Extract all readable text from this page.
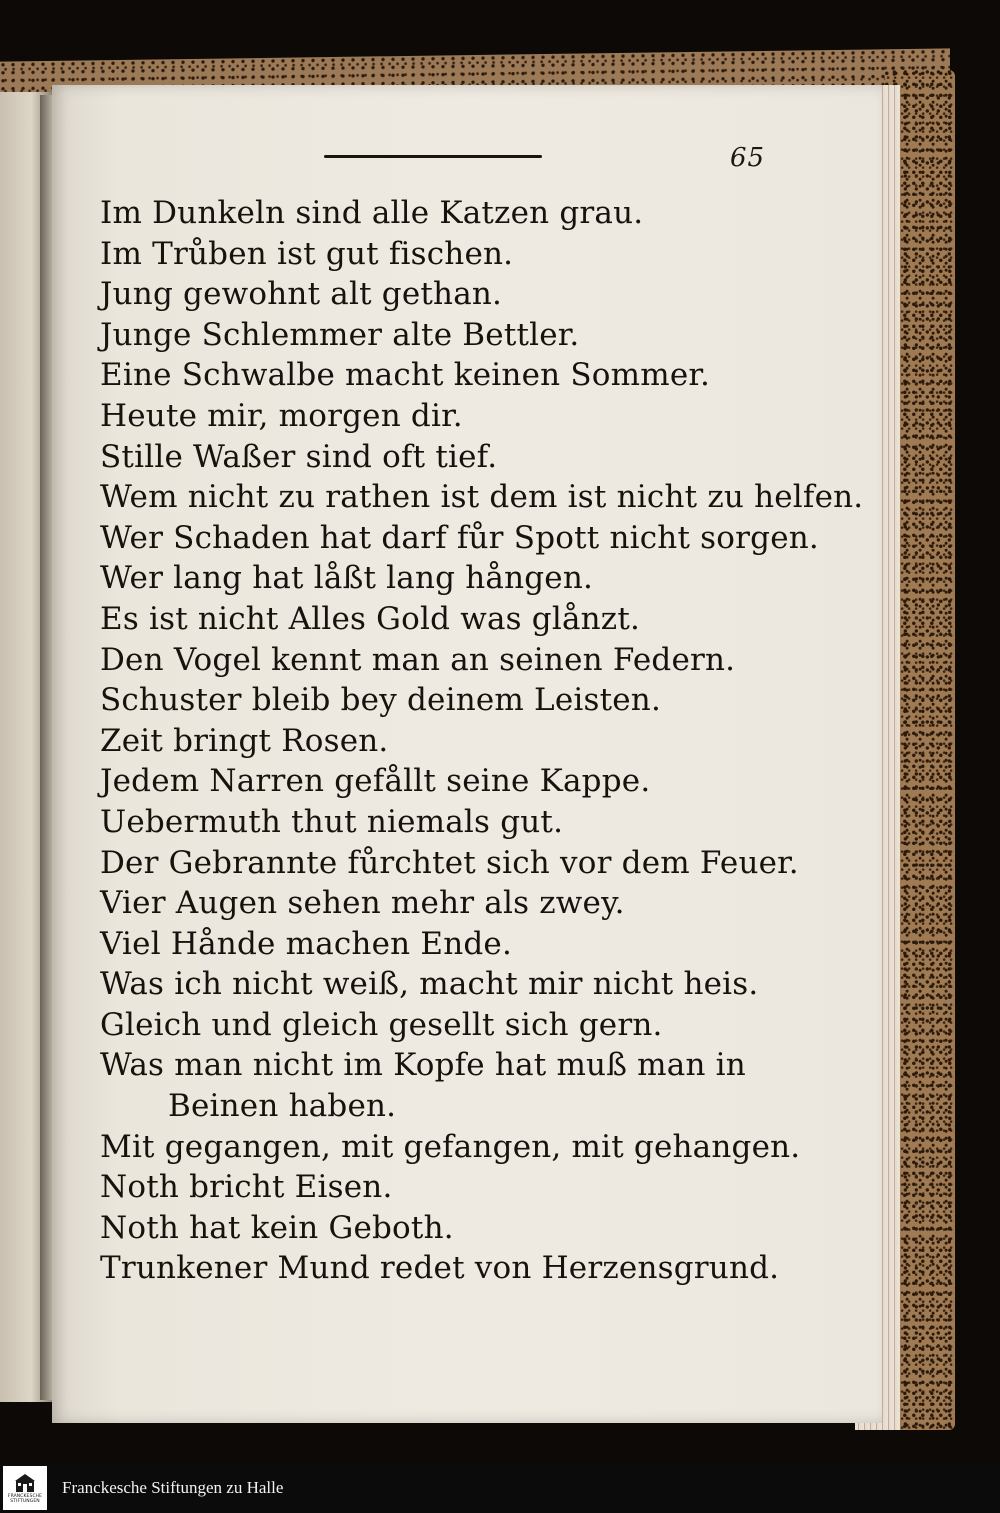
65
Im Dunkeln sind alle Katzen grau.
Im Trůben ist gut fischen.
Jung gewohnt alt gethan.
Junge Schlemmer alte Bettler.
Eine Schwalbe macht keinen Sommer.
Heute mir, morgen dir.
Stille Waßer sind oft tief.
Wem nicht zu rathen ist dem ist nicht zu helfen.
Wer Schaden hat darf fůr Spott nicht sorgen.
Wer lang hat låßt lang hången.
Es ist nicht Alles Gold was glånzt.
Den Vogel kennt man an seinen Federn.
Schuster bleib bey deinem Leisten.
Zeit bringt Rosen.
Jedem Narren gefållt seine Kappe.
Uebermuth thut niemals gut.
Der Gebrannte fůrchtet sich vor dem Feuer.
Vier Augen sehen mehr als zwey.
Viel Hånde machen Ende.
Was ich nicht weiß, macht mir nicht heis.
Gleich und gleich gesellt sich gern.
Was man nicht im Kopfe hat muß man in
Beinen haben.
Mit gegangen, mit gefangen, mit gehangen.
Noth bricht Eisen.
Noth hat kein Geboth.
Trunkener Mund redet von Herzensgrund.
FRANCKESCHE
STIFTUNGEN
Franckesche Stiftungen zu Halle
